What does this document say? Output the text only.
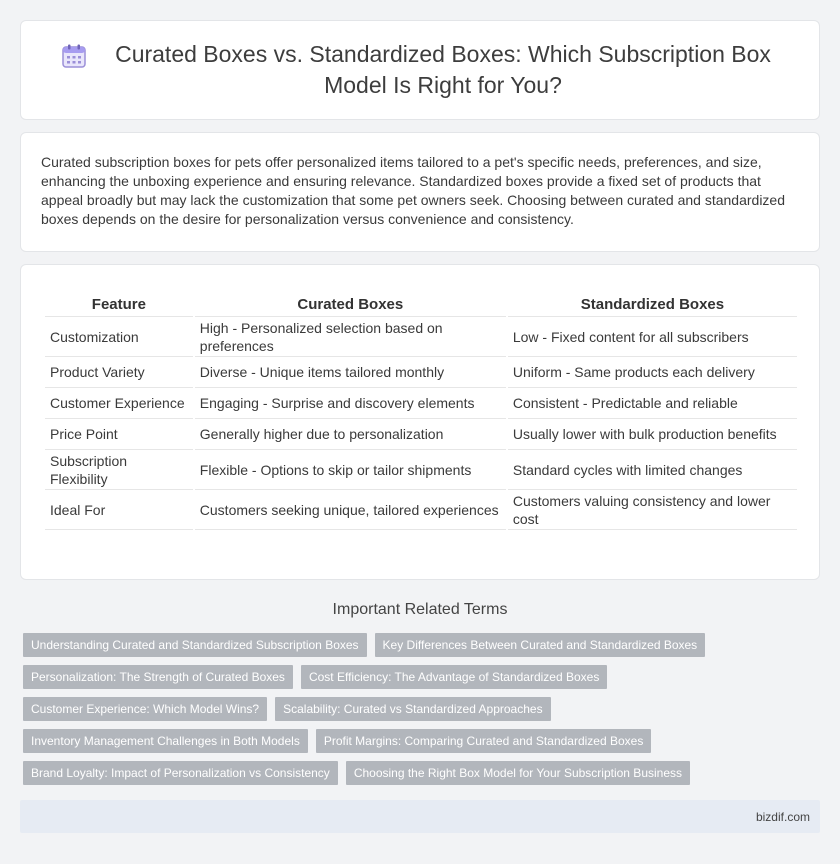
Curated Boxes vs. Standardized Boxes: Which Subscription Box Model Is Right for You?

Curated subscription boxes for pets offer personalized items tailored to a pet's specific needs, preferences, and size, enhancing the unboxing experience and ensuring relevance. Standardized boxes provide a fixed set of products that appeal broadly but may lack the customization that some pet owners seek. Choosing between curated and standardized boxes depends on the desire for personalization versus convenience and consistency.

Feature	Curated Boxes	Standardized Boxes
Customization	High - Personalized selection based on preferences	Low - Fixed content for all subscribers
Product Variety	Diverse - Unique items tailored monthly	Uniform - Same products each delivery
Customer Experience	Engaging - Surprise and discovery elements	Consistent - Predictable and reliable
Price Point	Generally higher due to personalization	Usually lower with bulk production benefits
Subscription Flexibility	Flexible - Options to skip or tailor shipments	Standard cycles with limited changes
Ideal For	Customers seeking unique, tailored experiences	Customers valuing consistency and lower cost
Important Related Terms
Understanding Curated and Standardized Subscription Boxes	Key Differences Between Curated and Standardized Boxes
Personalization: The Strength of Curated Boxes	Cost Efficiency: The Advantage of Standardized Boxes
Customer Experience: Which Model Wins?	Scalability: Curated vs Standardized Approaches
Inventory Management Challenges in Both Models	Profit Margins: Comparing Curated and Standardized Boxes
Brand Loyalty: Impact of Personalization vs Consistency	Choosing the Right Box Model for Your Subscription Business
bizdif.com
